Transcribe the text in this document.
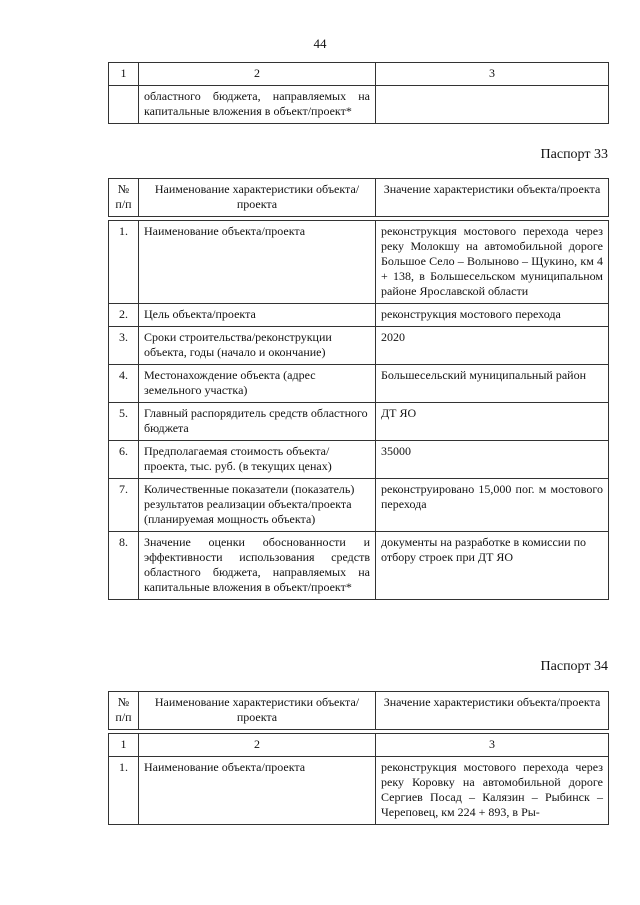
44
1	2	3
	областного бюджета, направляемых на капитальные вложения в объект/проект*	
Паспорт 33
№ п/п	Наименование характеристики объекта/проекта	Значение характеристики объекта/проекта

1.	Наименование объекта/проекта	реконструкция мостового перехода через реку Молокшу на автомобильной дороге Большое Село – Волыново – Щукино, км 4 + 138, в Большесельском муниципальном районе Ярославской области
2.	Цель объекта/проекта	реконструкция мостового перехода
3.	Сроки строительства/реконструкции объекта, годы (начало и окончание)	2020
4.	Местонахождение объекта (адрес земельного участка)	Большесельский муниципальный район
5.	Главный распорядитель средств областного бюджета	ДТ ЯО
6.	Предполагаемая стоимость объекта/проекта, тыс. руб. (в текущих ценах)	35000
7.	Количественные показатели (показатель) результатов реализации объекта/проекта (планируемая мощность объекта)	реконструировано 15,000 пог. м мостового перехода
8.	Значение оценки обоснованности и эффективности использования средств областного бюджета, направляемых на капитальные вложения в объект/проект*	документы на разработке в комиссии по отбору строек при ДТ ЯО
Паспорт 34
№ п/п	Наименование характеристики объекта/проекта	Значение характеристики объекта/проекта

1	2	3
1.	Наименование объекта/проекта	реконструкция мостового перехода через реку Коровку на автомобильной дороге Сергиев Посад – Калязин – Рыбинск – Череповец, км 224 + 893, в Ры-
